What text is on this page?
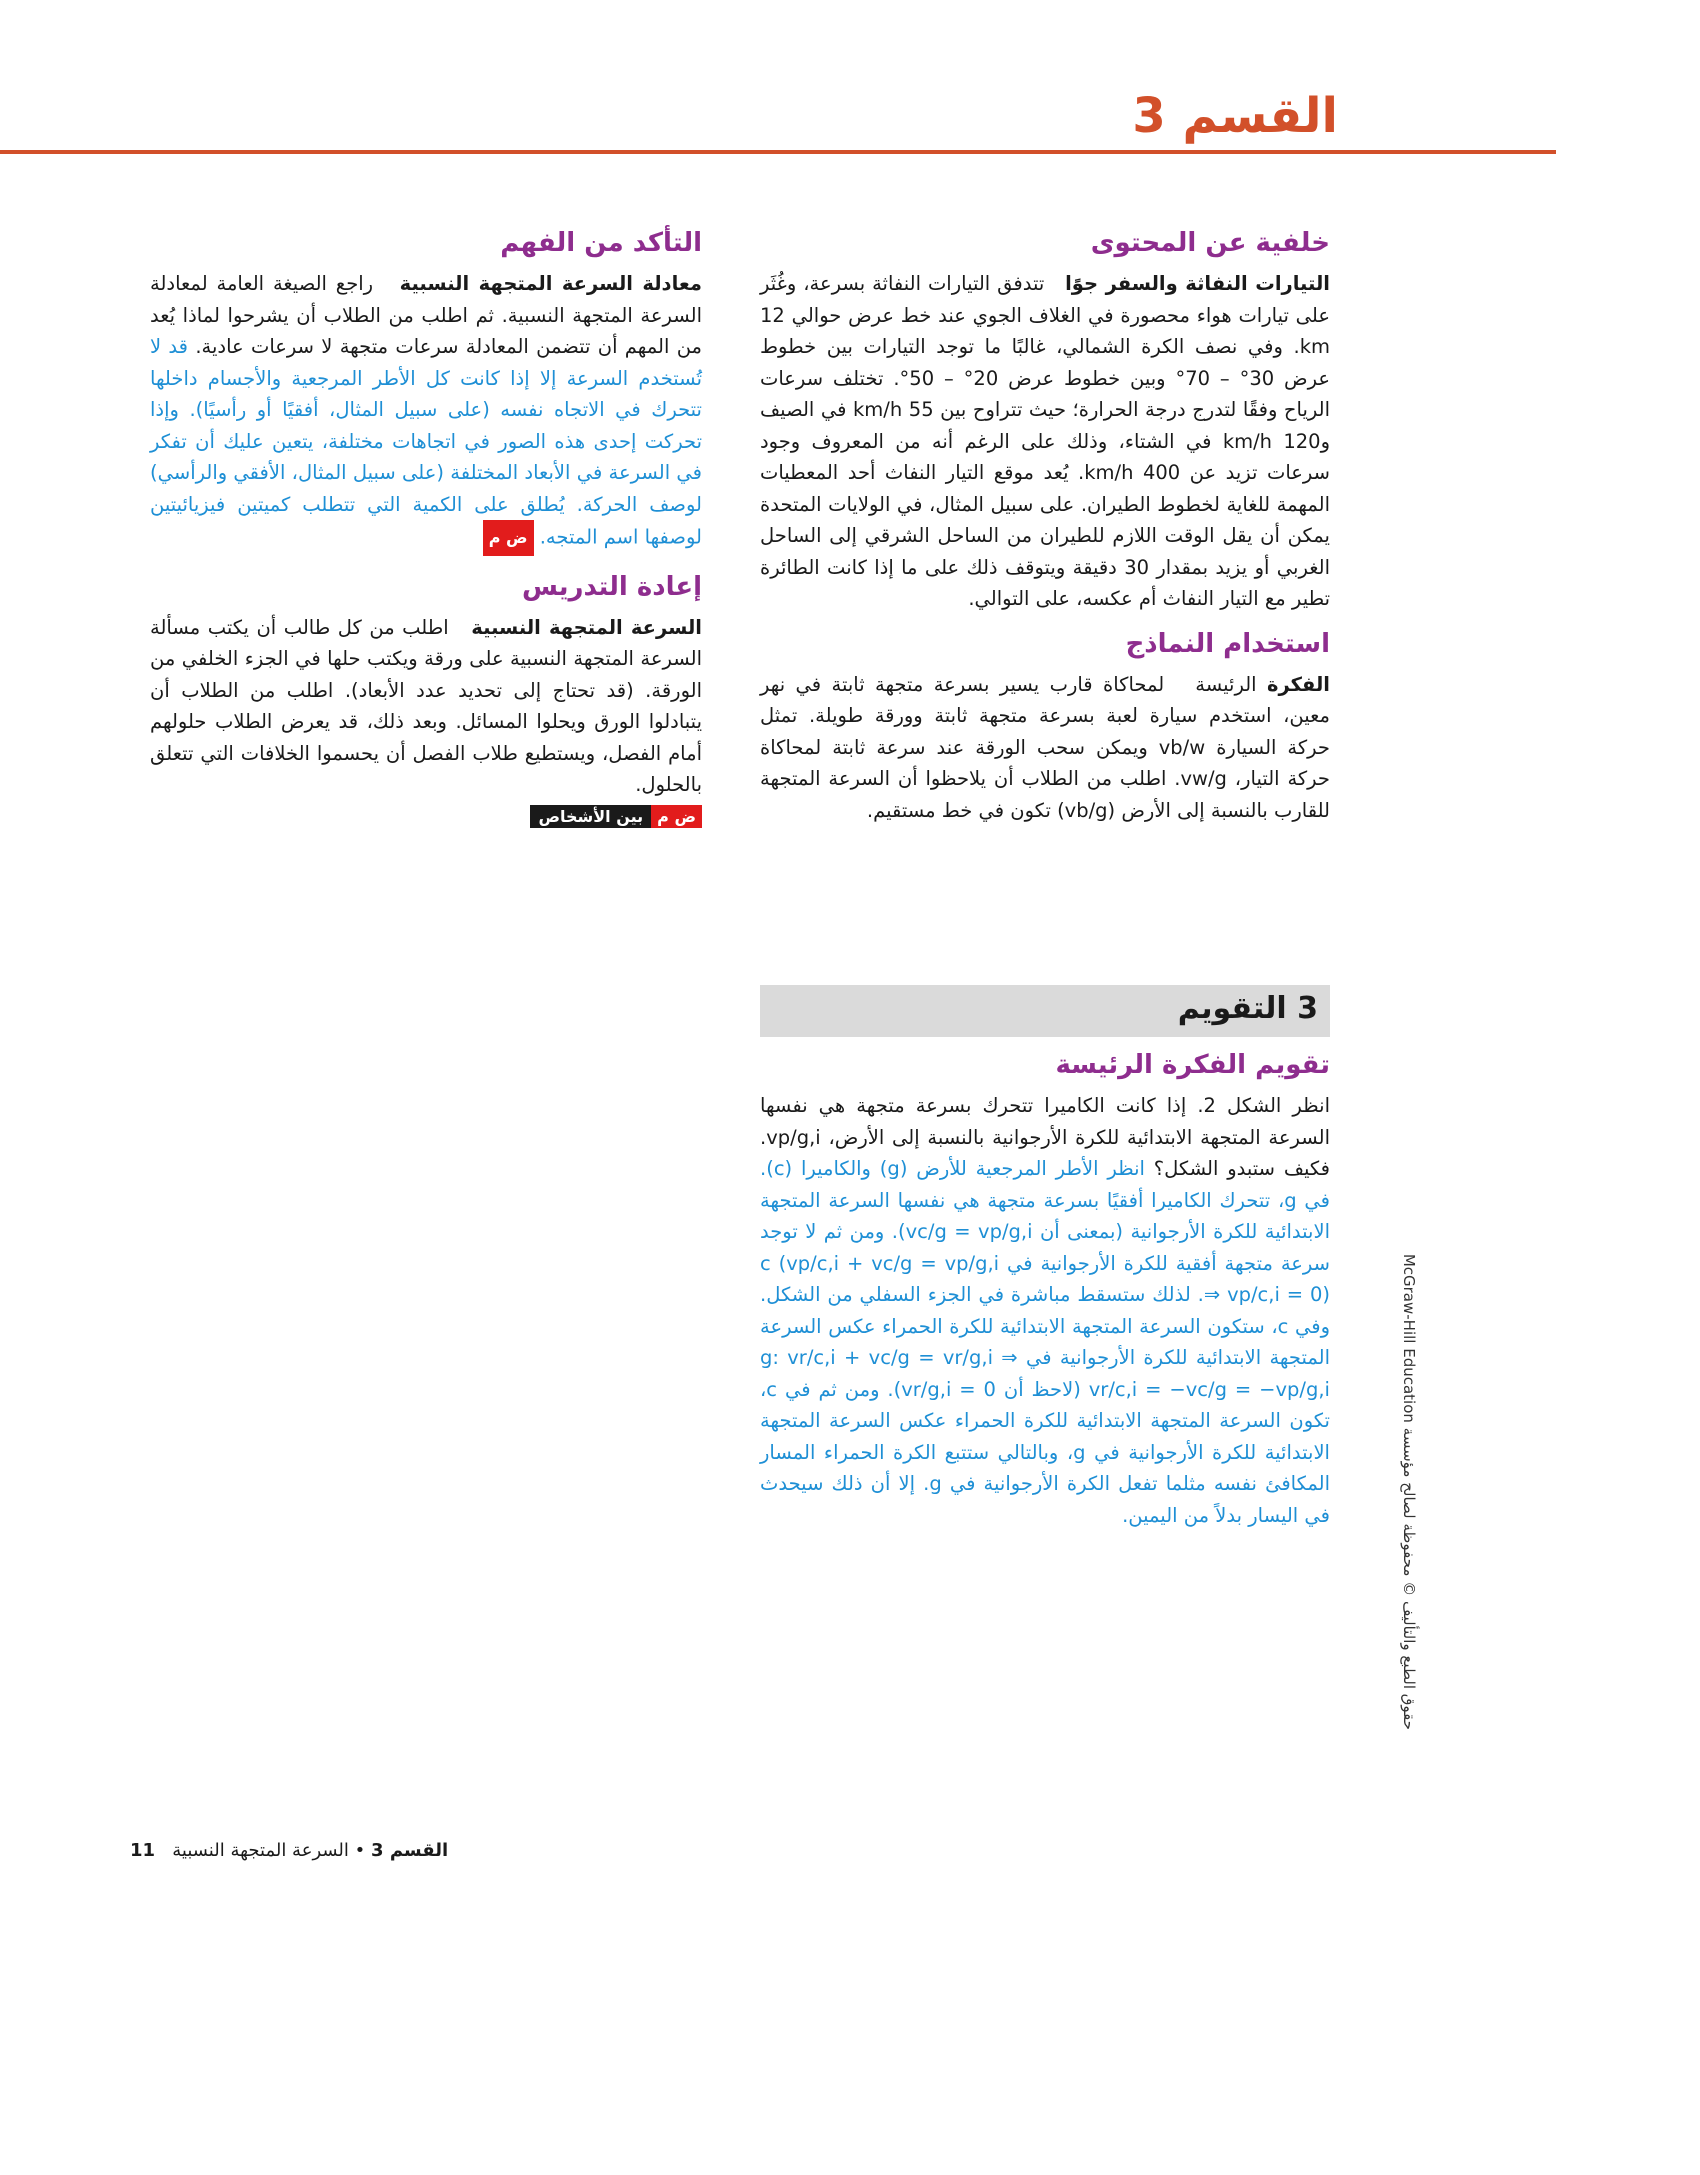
القسم 3
خلفية عن المحتوى

التيارات النفاثة والسفر جوًا   تتدفق التيارات النفاثة بسرعة، وغُثَر على تيارات هواء محصورة في الغلاف الجوي عند خط عرض حوالي 12 km. وفي نصف الكرة الشمالي، غالبًا ما توجد التيارات بين خطوط عرض 30° – 70° وبين خطوط عرض 20° – 50°. تختلف سرعات الرياح وفقًا لتدرج درجة الحرارة؛ حيث تتراوح بين 55 km/h في الصيف و120 km/h في الشتاء، وذلك على الرغم أنه من المعروف وجود سرعات تزيد عن 400 km/h. يُعد موقع التيار النفاث أحد المعطيات المهمة للغاية لخطوط الطيران. على سبيل المثال، في الولايات المتحدة يمكن أن يقل الوقت اللازم للطيران من الساحل الشرقي إلى الساحل الغربي أو يزيد بمقدار 30 دقيقة ويتوقف ذلك على ما إذا كانت الطائرة تطير مع التيار النفاث أم عكسه، على التوالي.

استخدام النماذج

الفكرة الرئيسة   لمحاكاة قارب يسير بسرعة متجهة ثابتة في نهر معين، استخدم سيارة لعبة بسرعة متجهة ثابتة وورقة طويلة. تمثل حركة السيارة vb/w ويمكن سحب الورقة عند سرعة ثابتة لمحاكاة حركة التيار، vw/g. اطلب من الطلاب أن يلاحظوا أن السرعة المتجهة للقارب بالنسبة إلى الأرض (vb/g) تكون في خط مستقيم.

التأكد من الفهم

معادلة السرعة المتجهة النسبية   راجع الصيغة العامة لمعادلة السرعة المتجهة النسبية. ثم اطلب من الطلاب أن يشرحوا لماذا يُعد من المهم أن تتضمن المعادلة سرعات متجهة لا سرعات عادية. قد لا تُستخدم السرعة إلا إذا كانت كل الأطر المرجعية والأجسام داخلها تتحرك في الاتجاه نفسه (على سبيل المثال، أفقيًا أو رأسيًا). وإذا تحركت إحدى هذه الصور في اتجاهات مختلفة، يتعين عليك أن تفكر في السرعة في الأبعاد المختلفة (على سبيل المثال، الأفقي والرأسي) لوصف الحركة. يُطلق على الكمية التي تتطلب كميتين فيزيائيتين لوصفها اسم المتجه. ض م

إعادة التدريس

السرعة المتجهة النسبية   اطلب من كل طالب أن يكتب مسألة السرعة المتجهة النسبية على ورقة ويكتب حلها في الجزء الخلفي من الورقة. (قد تحتاج إلى تحديد عدد الأبعاد). اطلب من الطلاب أن يتبادلوا الورق ويحلوا المسائل. وبعد ذلك، قد يعرض الطلاب حلولهم أمام الفصل، ويستطيع طلاب الفصل أن يحسموا الخلافات التي تتعلق بالحلول.

ض مبين الأشخاص
3 التقويم
تقويم الفكرة الرئيسة

انظر الشكل 2. إذا كانت الكاميرا تتحرك بسرعة متجهة هي نفسها السرعة المتجهة الابتدائية للكرة الأرجوانية بالنسبة إلى الأرض، vp/g,i. فكيف ستبدو الشكل؟ انظر الأطر المرجعية للأرض (g) والكاميرا (c). في g، تتحرك الكاميرا أفقيًا بسرعة متجهة هي نفسها السرعة المتجهة الابتدائية للكرة الأرجوانية (بمعنى أن vc/g = vp/g,i). ومن ثم لا توجد سرعة متجهة أفقية للكرة الأرجوانية في c (vp/c,i + vc/g = vp/g,i ⇒ vp/c,i = 0). لذلك ستسقط مباشرة في الجزء السفلي من الشكل. وفي c، ستكون السرعة المتجهة الابتدائية للكرة الحمراء عكس السرعة المتجهة الابتدائية للكرة الأرجوانية في g: vr/c,i + vc/g = vr/g,i ⇒ vr/c,i = −vc/g = −vp/g,i (لاحظ أن vr/g,i = 0). ومن ثم في c، تكون السرعة المتجهة الابتدائية للكرة الحمراء عكس السرعة المتجهة الابتدائية للكرة الأرجوانية في g، وبالتالي ستتبع الكرة الحمراء المسار المكافئ نفسه مثلما تفعل الكرة الأرجوانية في g. إلا أن ذلك سيحدث في اليسار بدلاً من اليمين.

حقوق الطبع والتأليف © محفوظة لصالح مؤسسة McGraw-Hill Education
القسم 3 • السرعة المتجهة النسبية   11
